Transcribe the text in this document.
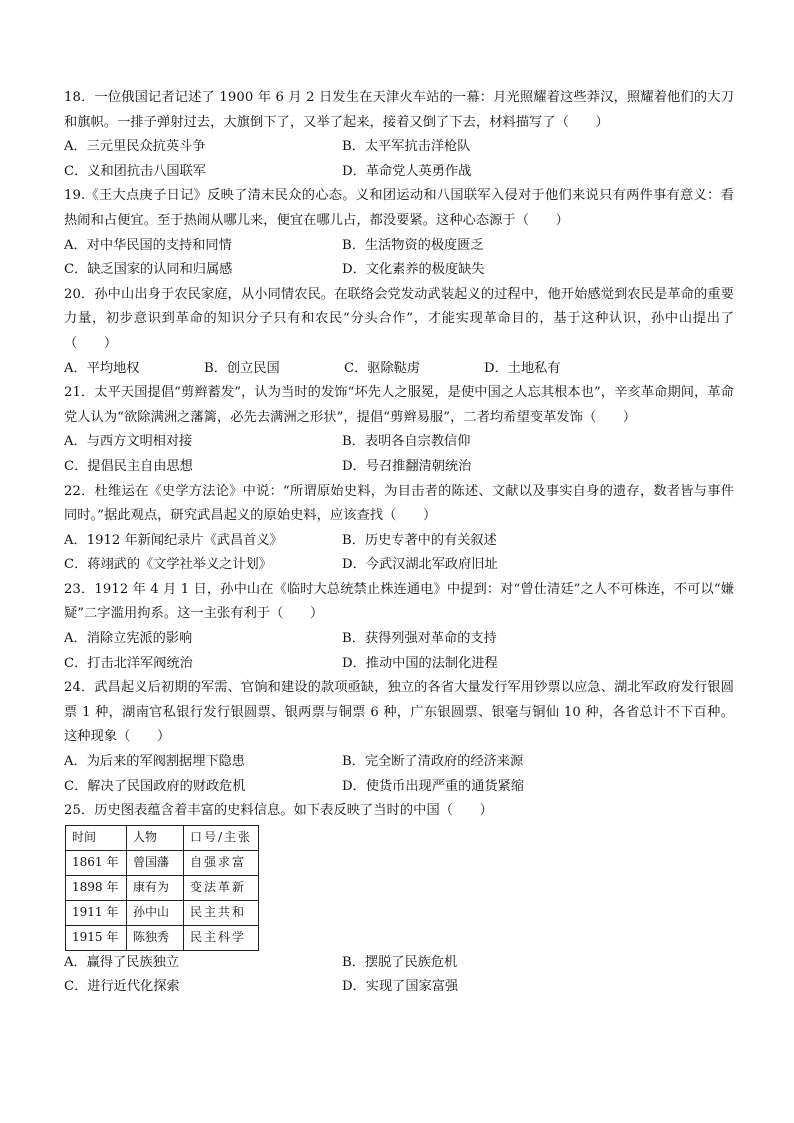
18．一位俄国记者记述了 1900 年 6 月 2 日发生在天津火车站的一幕：月光照耀着这些莽汉，照耀着他们的大刀和旗帜。一排子弹射过去，大旗倒下了，又举了起来，接着又倒了下去，材料描写了（　　）

A．三元里民众抗英斗争	B．太平军抗击洋枪队
C．义和团抗击八国联军	D．革命党人英勇作战

19.《王大点庚子日记》反映了清末民众的心态。义和团运动和八国联军入侵对于他们来说只有两件事有意义：看热闹和占便宜。至于热闹从哪儿来，便宜在哪儿占，都没要紧。这种心态源于（　　）

A．对中华民国的支持和同情	B．生活物资的极度匮乏
C．缺乏国家的认同和归属感	D．文化素养的极度缺失

20．孙中山出身于农民家庭，从小同情农民。在联络会党发动武装起义的过程中，他开始感觉到农民是革命的重要力量，初步意识到革命的知识分子只有和农民“分头合作”，才能实现革命目的，基于这种认识，孙中山提出了（　　）

A．平均地权	B．创立民国	C．驱除鞑虏	D．土地私有

21．太平天国提倡“剪辫蓄发”，认为当时的发饰“坏先人之服冕，是使中国之人忘其根本也”，辛亥革命期间，革命党人认为“欲除满洲之藩篱，必先去满洲之形状”，提倡“剪辫易服”，二者均希望变革发饰（　　）

A．与西方文明相对接	B．表明各自宗教信仰
C．提倡民主自由思想	D．号召推翻清朝统治

22．杜维运在《史学方法论》中说：“所谓原始史料，为目击者的陈述、文献以及事实自身的遗存，数者皆与事件同时。”据此观点，研究武昌起义的原始史料，应该查找（　　）

A．1912 年新闻纪录片《武昌首义》	B．历史专著中的有关叙述
C．蒋翊武的《文学社举义之计划》	D．今武汉湖北军政府旧址

23．1912 年 4 月 1 日，孙中山在《临时大总统禁止株连通电》中提到：对“曾仕清廷”之人不可株连，不可以“嫌疑”二字滥用拘系。这一主张有利于（　　）

A．消除立宪派的影响	B．获得列强对革命的支持
C．打击北洋军阀统治	D．推动中国的法制化进程

24．武昌起义后初期的军需、官饷和建设的款项亟缺，独立的各省大量发行军用钞票以应急、湖北军政府发行银圆票 1 种，湖南官私银行发行银圆票、银两票与铜票 6 种，广东银圆票、银毫与铜仙 10 种，各省总计不下百种。这种现象（　　）

A．为后来的军阀割据埋下隐患	B．完全断了清政府的经济来源
C．解决了民国政府的财政危机	D．使货币出现严重的通货紧缩

25．历史图表蕴含着丰富的史料信息。如下表反映了当时的中国（　　）

时间	人物	口号/主张
1861 年	曾国藩	自强求富
1898 年	康有为	变法革新
1911 年	孙中山	民主共和
1915 年	陈独秀	民主科学
A．赢得了民族独立	B．摆脱了民族危机
C．进行近代化探索	D．实现了国家富强
